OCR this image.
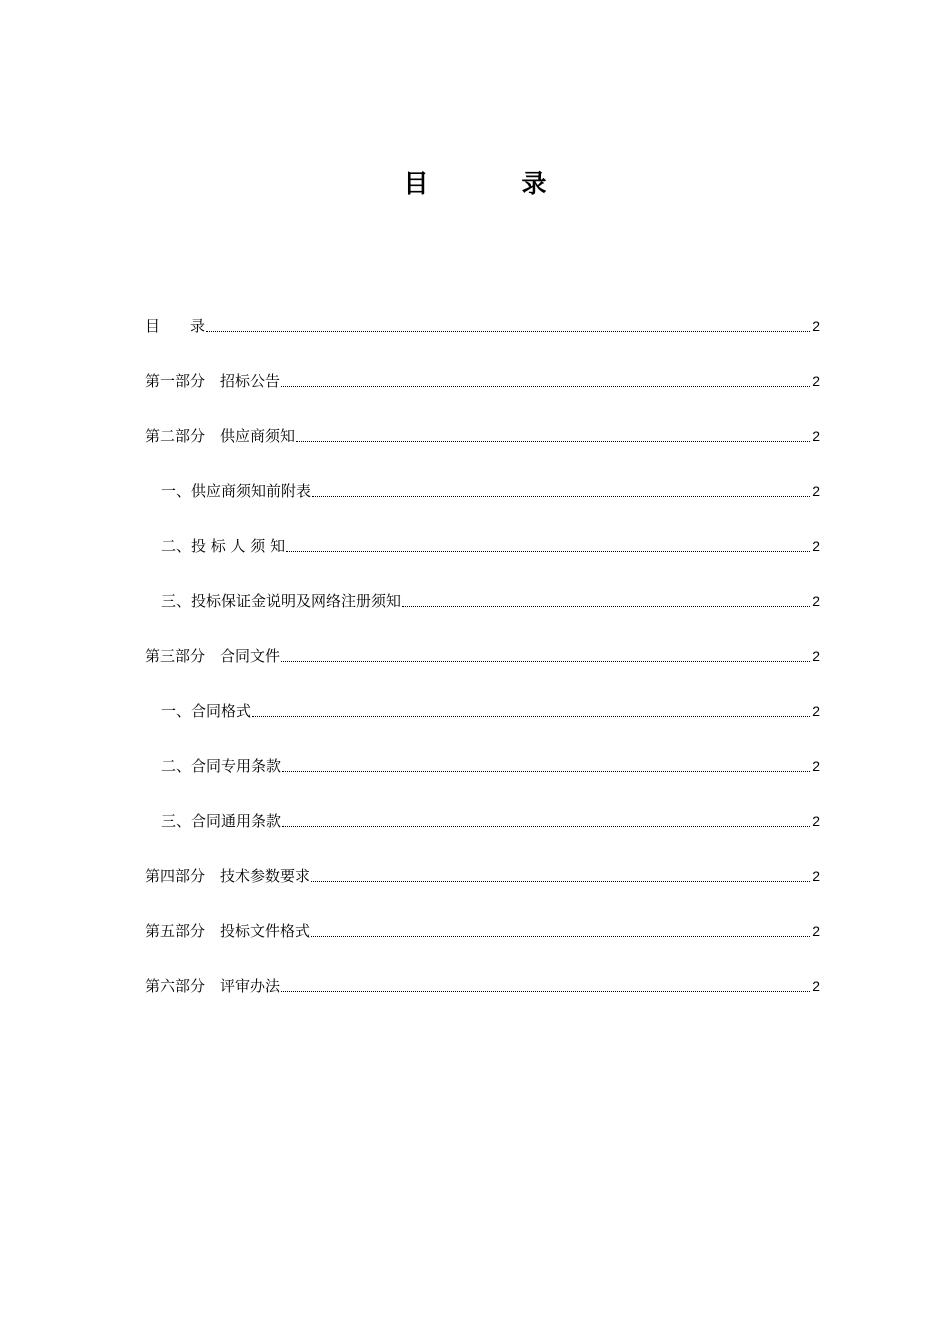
目　录
目　　录	2
第一部分　招标公告	2
第二部分　供应商须知	2
一、供应商须知前附表	2
二、投 标 人 须 知	2
三、投标保证金说明及网络注册须知	2
第三部分　合同文件	2
一、合同格式	2
二、合同专用条款	2
三、合同通用条款	2
第四部分　技术参数要求	2
第五部分　投标文件格式	2
第六部分　评审办法	2
